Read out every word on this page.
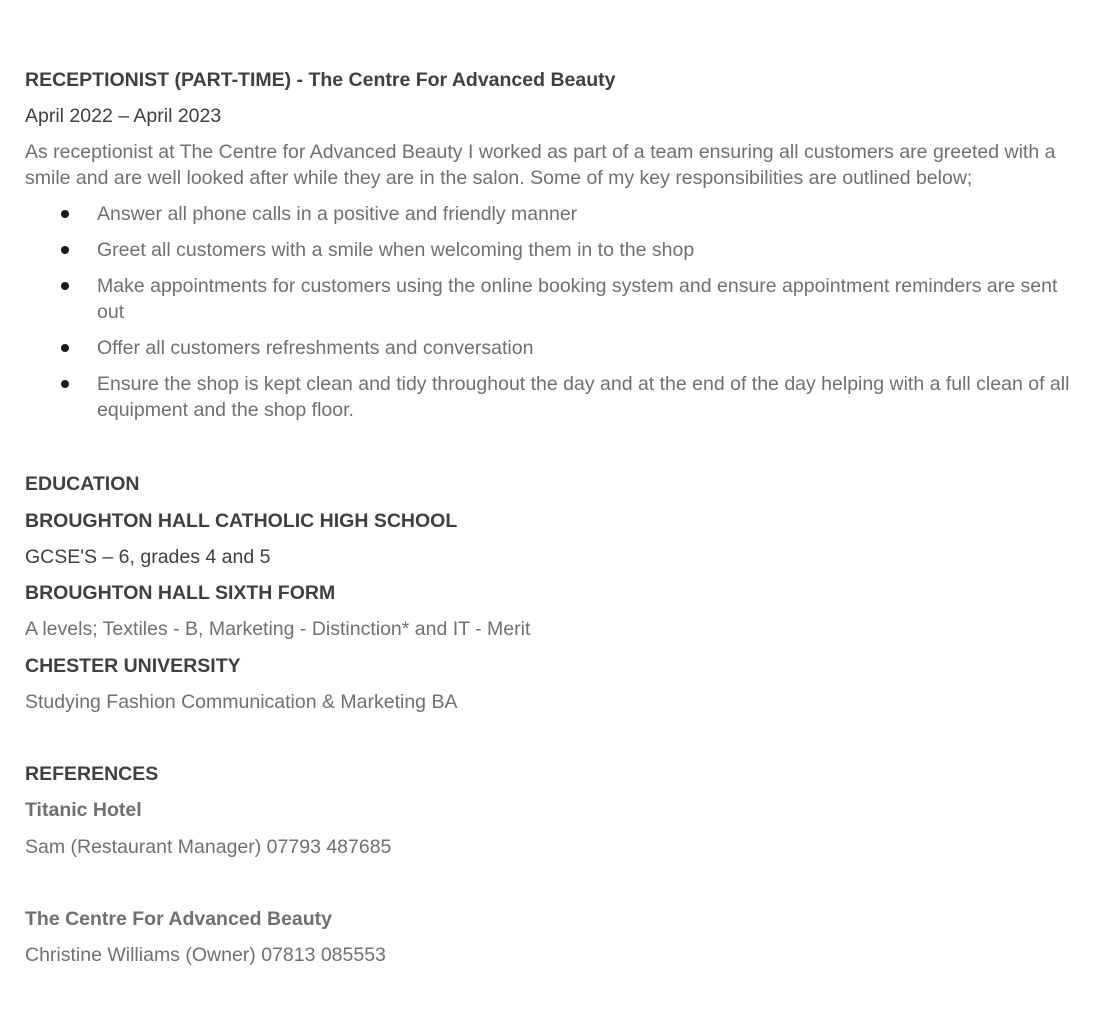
RECEPTIONIST (PART-TIME) - The Centre For Advanced Beauty
April 2022 – April 2023
As receptionist at The Centre for Advanced Beauty I worked as part of a team ensuring all customers are greeted with a smile and are well looked after while they are in the salon. Some of my key responsibilities are outlined below;
Answer all phone calls in a positive and friendly manner
Greet all customers with a smile when welcoming them in to the shop
Make appointments for customers using the online booking system and ensure appointment reminders are sent out
Offer all customers refreshments and conversation
Ensure the shop is kept clean and tidy throughout the day and at the end of the day helping with a full clean of all equipment and the shop floor.
EDUCATION
BROUGHTON HALL CATHOLIC HIGH SCHOOL
GCSE'S – 6, grades 4 and 5
BROUGHTON HALL SIXTH FORM
A levels; Textiles - B, Marketing - Distinction* and IT - Merit
CHESTER UNIVERSITY
Studying Fashion Communication & Marketing BA
REFERENCES
Titanic Hotel
Sam (Restaurant Manager) 07793 487685
The Centre For Advanced Beauty
Christine Williams (Owner) 07813 085553
